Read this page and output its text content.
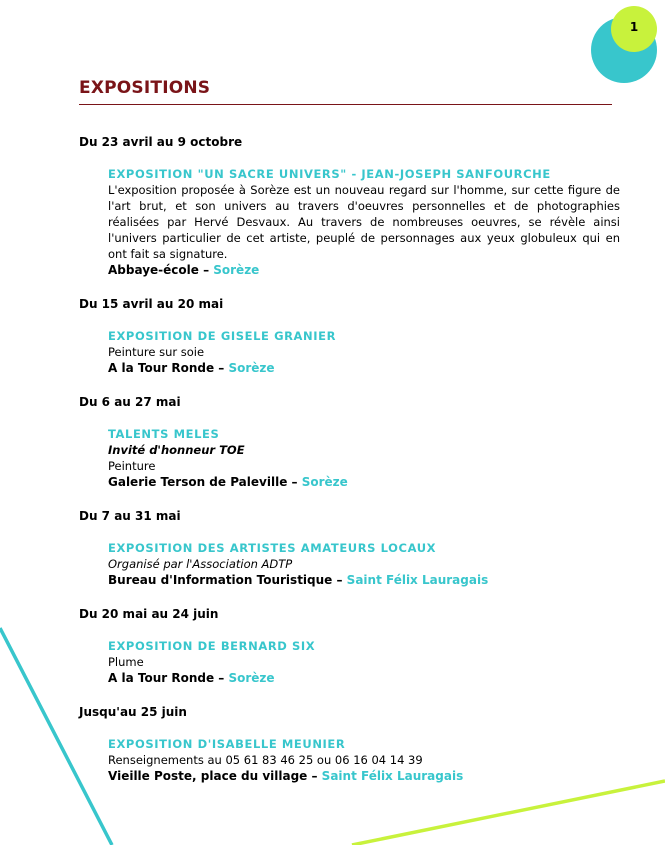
1
EXPOSITIONS
Du 23 avril au 9 octobre
EXPOSITION "UN SACRE UNIVERS" - JEAN-JOSEPH SANFOURCHE
L'exposition proposée à Sorèze est un nouveau regard sur l'homme, sur cette figure de l'art brut, et son univers au travers d'oeuvres personnelles et de photographies réalisées par Hervé Desvaux. Au travers de nombreuses oeuvres, se révèle ainsi l'univers particulier de cet artiste, peuplé de personnages aux yeux globuleux qui en ont fait sa signature.
Abbaye-école – Sorèze
Du 15 avril au 20 mai
EXPOSITION DE GISELE GRANIER
Peinture sur soie
A la Tour Ronde – Sorèze
Du 6 au 27 mai
TALENTS MELES
Invité d'honneur TOE
Peinture
Galerie Terson de Paleville – Sorèze
Du 7 au 31 mai
EXPOSITION DES ARTISTES AMATEURS LOCAUX
Organisé par l'Association ADTP
Bureau d'Information Touristique – Saint Félix Lauragais
Du 20 mai au 24 juin
EXPOSITION DE BERNARD SIX
Plume
A la Tour Ronde – Sorèze
Jusqu'au 25 juin
EXPOSITION D'ISABELLE MEUNIER
Renseignements au 05 61 83 46 25 ou 06 16 04 14 39
Vieille Poste, place du village – Saint Félix Lauragais
